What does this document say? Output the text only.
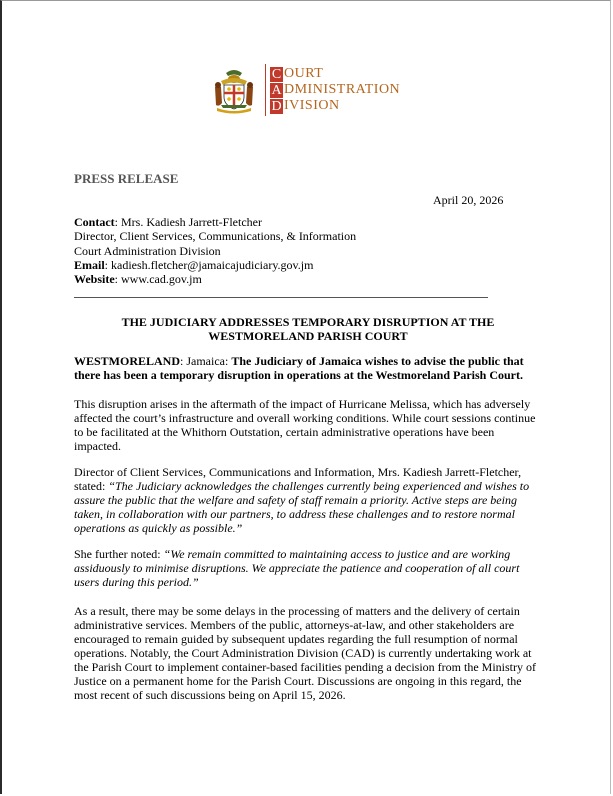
C OURT
A DMINISTRATION
D IVISION
PRESS RELEASE
April 20, 2026
Contact: Mrs. Kadiesh Jarrett-Fletcher
Director, Client Services, Communications, & Information
Court Administration Division
Email: kadiesh.fletcher@jamaicajudiciary.gov.jm
Website: www.cad.gov.jm
THE JUDICIARY ADDRESSES TEMPORARY DISRUPTION AT THE
WESTMORELAND PARISH COURT
WESTMORELAND: Jamaica: The Judiciary of Jamaica wishes to advise the public that there has been a temporary disruption in operations at the Westmoreland Parish Court.
This disruption arises in the aftermath of the impact of Hurricane Melissa, which has adversely affected the court’s infrastructure and overall working conditions. While court sessions continue to be facilitated at the Whithorn Outstation, certain administrative operations have been impacted.
Director of Client Services, Communications and Information, Mrs. Kadiesh Jarrett-Fletcher, stated: “The Judiciary acknowledges the challenges currently being experienced and wishes to assure the public that the welfare and safety of staff remain a priority. Active steps are being taken, in collaboration with our partners, to address these challenges and to restore normal operations as quickly as possible.”
She further noted: “We remain committed to maintaining access to justice and are working assiduously to minimise disruptions. We appreciate the patience and cooperation of all court users during this period.”
As a result, there may be some delays in the processing of matters and the delivery of certain administrative services. Members of the public, attorneys-at-law, and other stakeholders are encouraged to remain guided by subsequent updates regarding the full resumption of normal operations. Notably, the Court Administration Division (CAD) is currently undertaking work at the Parish Court to implement container-based facilities pending a decision from the Ministry of Justice on a permanent home for the Parish Court. Discussions are ongoing in this regard, the most recent of such discussions being on April 15, 2026.
